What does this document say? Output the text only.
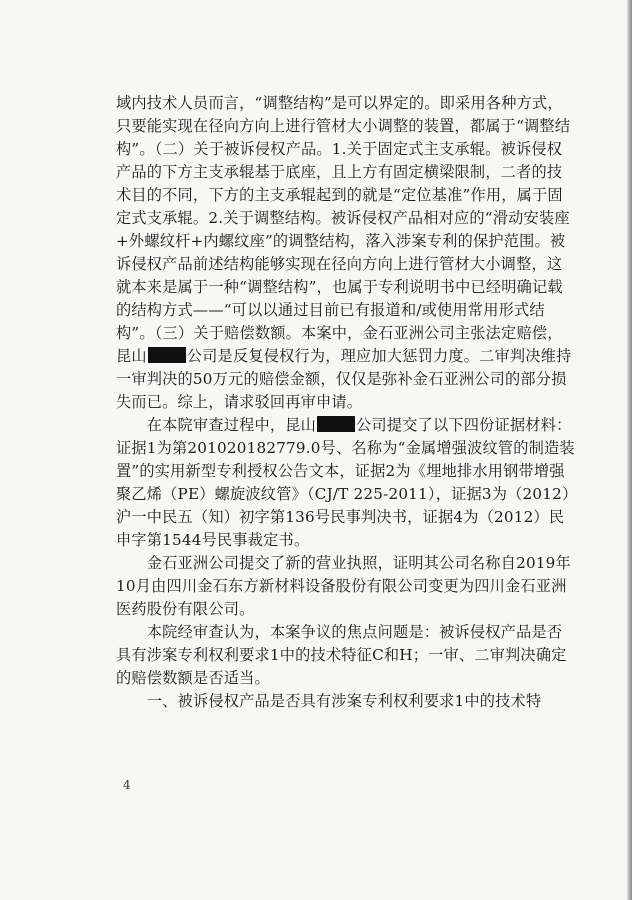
域内技术人员而言，“调整结构”是可以界定的。即采用各种方式，只要能实现在径向方向上进行管材大小调整的装置，都属于“调整结构”。（二）关于被诉侵权产品。1.关于固定式主支承辊。被诉侵权产品的下方主支承辊基于底座，且上方有固定横梁限制，二者的技术目的不同，下方的主支承辊起到的就是“定位基准”作用，属于固定式支承辊。2.关于调整结构。被诉侵权产品相对应的“滑动安装座+外螺纹杆+内螺纹座”的调整结构，落入涉案专利的保护范围。被诉侵权产品前述结构能够实现在径向方向上进行管材大小调整，这就本来是属于一种“调整结构”，也属于专利说明书中已经明确记载的结构方式——“可以以通过目前已有报道和/或使用常用形式结构”。（三）关于赔偿数额。本案中，金石亚洲公司主张法定赔偿，昆山	公司是反复侵权行为，理应加大惩罚力度。二审判决维持一审判决的50万元的赔偿金额，仅仅是弥补金石亚洲公司的部分损失而已。综上，请求驳回再审申请。

　　在本院审查过程中，昆山	公司提交了以下四份证据材料：证据1为第201020182779.0号、名称为“金属增强波纹管的制造装置”的实用新型专利授权公告文本，证据2为《埋地排水用钢带增强聚乙烯（PE）螺旋波纹管》（CJ/T 225-2011），证据3为（2012）沪一中民五（知）初字第136号民事判决书，证据4为（2012）民申字第1544号民事裁定书。

　　金石亚洲公司提交了新的营业执照，证明其公司名称自2019年10月由四川金石东方新材料设备股份有限公司变更为四川金石亚洲医药股份有限公司。

　　本院经审查认为，本案争议的焦点问题是：被诉侵权产品是否具有涉案专利权利要求1中的技术特征C和H；一审、二审判决确定的赔偿数额是否适当。

　　一、被诉侵权产品是否具有涉案专利权利要求1中的技术特

4
